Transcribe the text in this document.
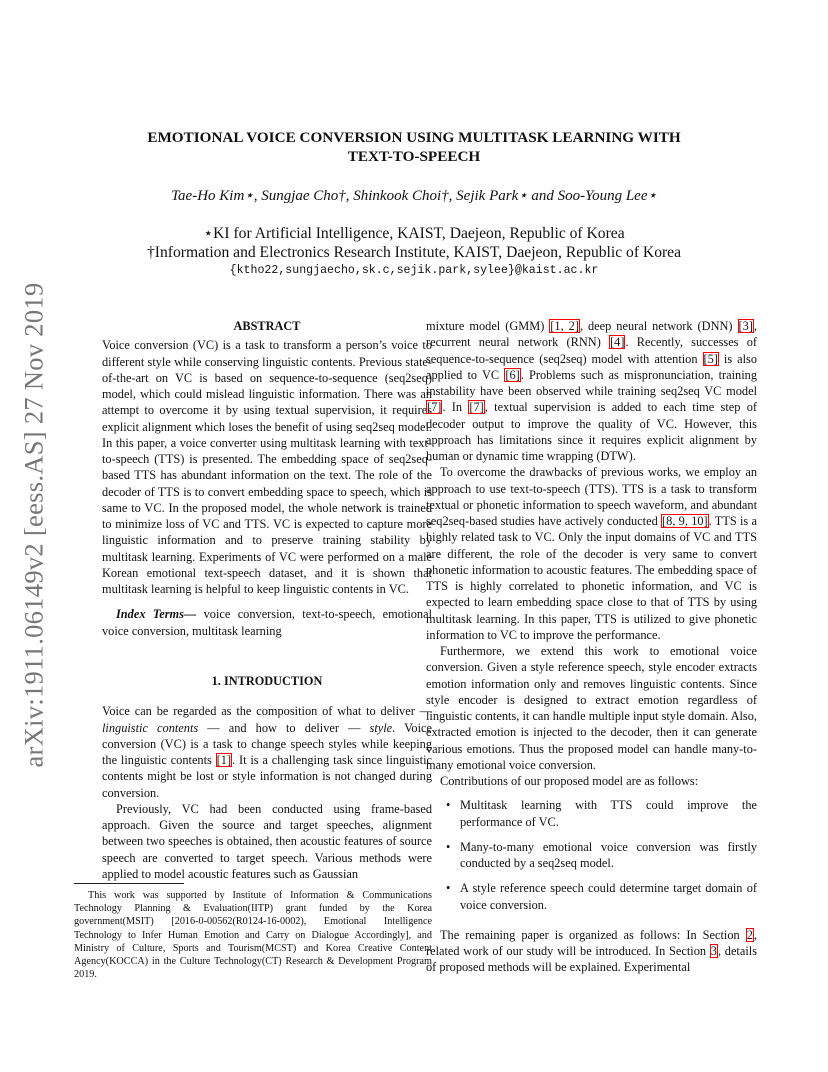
arXiv:1911.06149v2 [eess.AS] 27 Nov 2019
EMOTIONAL VOICE CONVERSION USING MULTITASK LEARNING WITH
TEXT-TO-SPEECH
Tae-Ho Kim⋆, Sungjae Cho†, Shinkook Choi†, Sejik Park⋆ and Soo-Young Lee⋆
⋆KI for Artificial Intelligence, KAIST, Daejeon, Republic of Korea
†Information and Electronics Research Institute, KAIST, Daejeon, Republic of Korea
{ktho22,sungjaecho,sk.c,sejik.park,sylee}@kaist.ac.kr
ABSTRACT

Voice conversion (VC) is a task to transform a person’s voice to different style while conserving linguistic contents. Previous state-of-the-art on VC is based on sequence-to-sequence (seq2seq) model, which could mislead linguistic information. There was an attempt to overcome it by using textual supervision, it requires explicit alignment which loses the benefit of using seq2seq model. In this paper, a voice converter using multitask learning with text-to-speech (TTS) is presented. The embedding space of seq2seq-based TTS has abundant information on the text. The role of the decoder of TTS is to convert embedding space to speech, which is same to VC. In the proposed model, the whole network is trained to minimize loss of VC and TTS. VC is expected to capture more linguistic information and to preserve training stability by multitask learning. Experiments of VC were performed on a male Korean emotional text-speech dataset, and it is shown that multitask learning is helpful to keep linguistic contents in VC.

Index Terms— voice conversion, text-to-speech, emotional voice conversion, multitask learning

1. INTRODUCTION

Voice can be regarded as the composition of what to deliver — linguistic contents — and how to deliver — style. Voice conversion (VC) is a task to change speech styles while keeping the linguistic contents [1]. It is a challenging task since linguistic contents might be lost or style information is not changed during conversion.

Previously, VC had been conducted using frame-based approach. Given the source and target speeches, alignment between two speeches is obtained, then acoustic features of source speech are converted to target speech. Various methods were applied to model acoustic features such as Gaussian

This work was supported by Institute of Information & Communications Technology Planning & Evaluation(IITP) grant funded by the Korea government(MSIT) [2016-0-00562(R0124-16-0002), Emotional Intelligence Technology to Infer Human Emotion and Carry on Dialogue Accordingly], and Ministry of Culture, Sports and Tourism(MCST) and Korea Creative Content Agency(KOCCA) in the Culture Technology(CT) Research & Development Program 2019.

mixture model (GMM) [1, 2], deep neural network (DNN) [3], recurrent neural network (RNN) [4]. Recently, successes of sequence-to-sequence (seq2seq) model with attention [5] is also applied to VC [6]. Problems such as mispronunciation, training instability have been observed while training seq2seq VC model [7]. In [7], textual supervision is added to each time step of decoder output to improve the quality of VC. However, this approach has limitations since it requires explicit alignment by human or dynamic time wrapping (DTW).

To overcome the drawbacks of previous works, we employ an approach to use text-to-speech (TTS). TTS is a task to transform textual or phonetic information to speech waveform, and abundant seq2seq-based studies have actively conducted [8, 9, 10]. TTS is a highly related task to VC. Only the input domains of VC and TTS are different, the role of the decoder is very same to convert phonetic information to acoustic features. The embedding space of TTS is highly correlated to phonetic information, and VC is expected to learn embedding space close to that of TTS by using multitask learning. In this paper, TTS is utilized to give phonetic information to VC to improve the performance.

Furthermore, we extend this work to emotional voice conversion. Given a style reference speech, style encoder extracts emotion information only and removes linguistic contents. Since style encoder is designed to extract emotion regardless of linguistic contents, it can handle multiple input style domain. Also, extracted emotion is injected to the decoder, then it can generate various emotions. Thus the proposed model can handle many-to-many emotional voice conversion.

Contributions of our proposed model are as follows:

• Multitask learning with TTS could improve the performance of VC.
• Many-to-many emotional voice conversion was firstly conducted by a seq2seq model.
• A style reference speech could determine target domain of voice conversion.

The remaining paper is organized as follows: In Section 2, related work of our study will be introduced. In Section 3, details of proposed methods will be explained. Experimental
